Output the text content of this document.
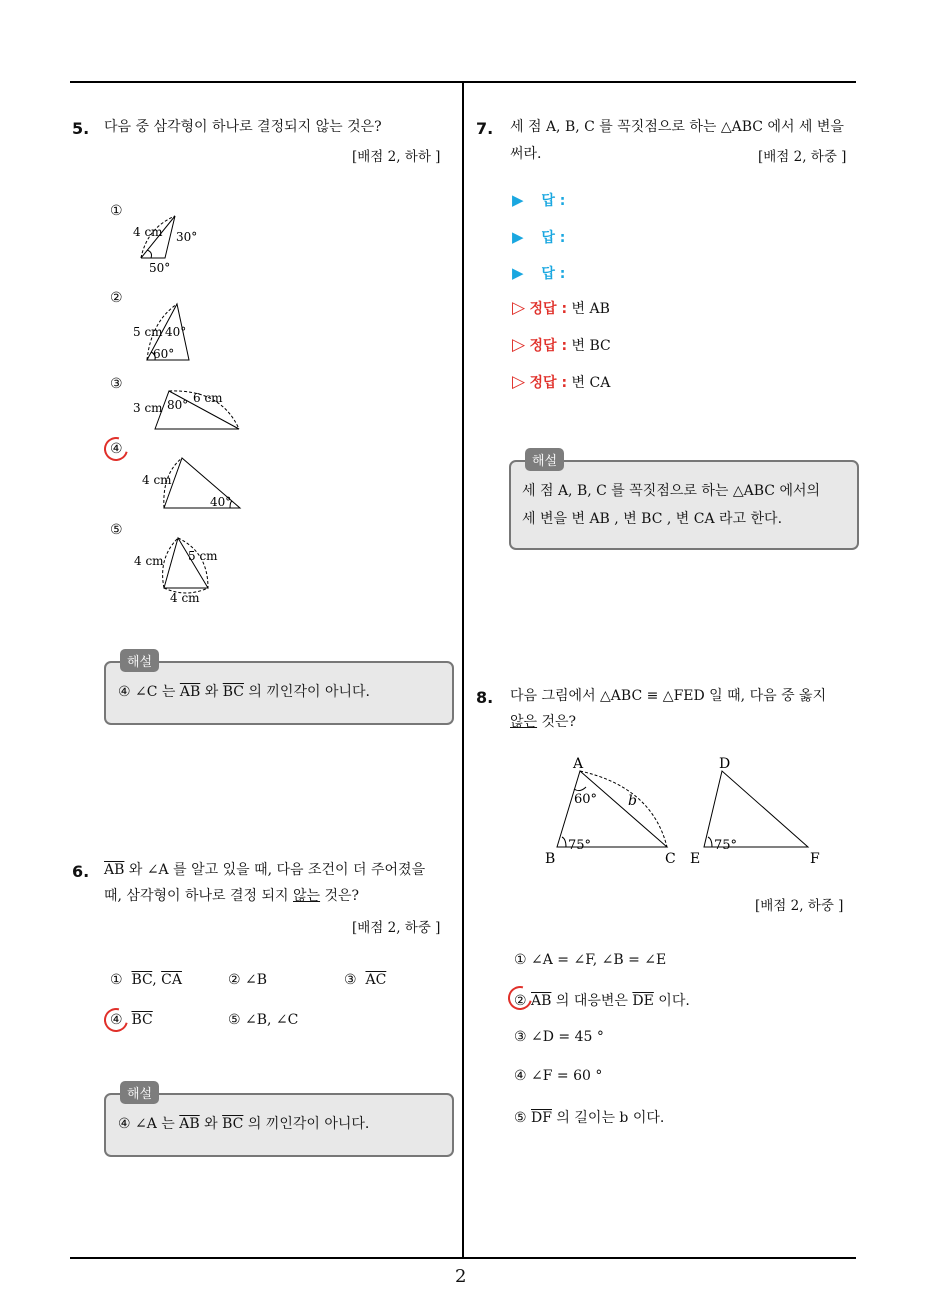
2
5. 다음 중 삼각형이 하나로 결정되지 않는 것은?
[배점 2, 하하 ]
①
②
③
④
⑤
4 cm 30°
50°
5 cm 40°
60°
3 cm 80° 6 cm
4 cm
40°
4 cm 5 cm
4 cm
해설
④ ∠C 는 $\overline{AB}$ 와 $\overline{BC}$ 의 끼인각이 아니다.
6. $\overline{AB}$ 와 ∠A 를 알고 있을 때, 다음 조건이 더 주어졌을
때, 삼각형이 하나로 결정 되지 않는 것은?
[배점 2, 하중 ]
① $\overline{BC}$, $\overline{CA}$	② ∠B	③ $\overline{AC}$
④ $\overline{BC}$	⑤ ∠B, ∠C
해설
④ ∠A 는 $\overline{AB}$ 와 $\overline{BC}$ 의 끼인각이 아니다.
7. 세 점 A, B, C 를 꼭짓점으로 하는 △ABC 에서 세 변을
써라.	[배점 2, 하중 ]
▶ 답 :
▶ 답 :
▶ 답 :
▷ 정답 : 변 AB
▷ 정답 : 변 BC
▷ 정답 : 변 CA
해설
세 점 A, B, C 를 꼭짓점으로 하는 △ABC 에서의
세 변을 변 AB , 변 BC , 변 CA 라고 한다.
8. 다음 그림에서 △ABC ≡ △FED 일 때, 다음 중 옳지
않은 것은?
A
B	C
60°
75°
b
D
E	F
75°
[배점 2, 하중 ]
① ∠A = ∠F, ∠B = ∠E
② $\overline{AB}$ 의 대응변은 $\overline{DE}$ 이다.
③ ∠D = 45 °
④ ∠F = 60 °
⑤ $\overline{DF}$ 의 길이는 b 이다.
